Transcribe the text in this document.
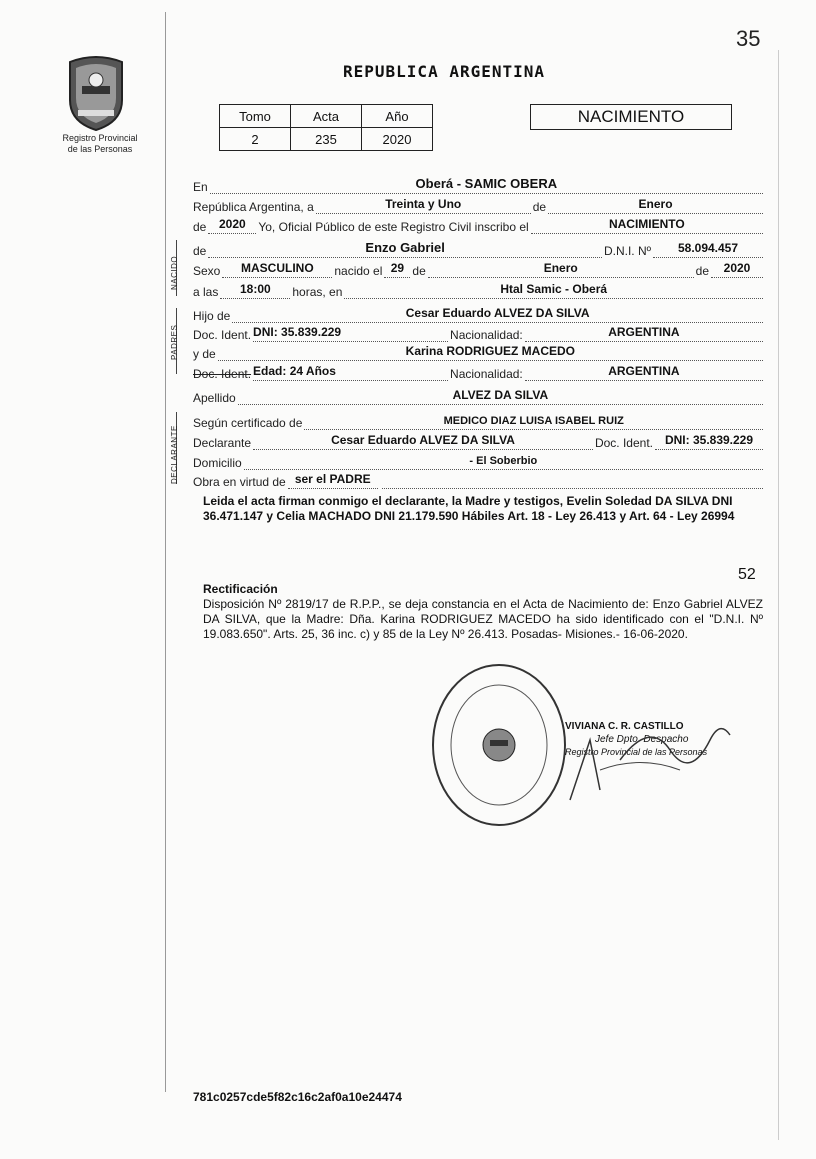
35
Registro Provincial
de las Personas
REPUBLICA ARGENTINA
Tomo	Acta	Año
2	235	2020
NACIMIENTO
En	Oberá - SAMIC OBERA
República Argentina, a	Treinta y Uno	de	Enero
de	2020	Yo, Oficial Público de este Registro Civil inscribo el	NACIMIENTO
NACIDO
de	Enzo Gabriel	D.N.I. Nº	58.094.457
Sexo	MASCULINO	nacido el 29 de	Enero	de	2020
a las	18:00	horas, en	Htal Samic - Oberá
PADRES
Hijo de	Cesar Eduardo ALVEZ DA SILVA
Doc. Ident. DNI: 35.839.229	Nacionalidad:	ARGENTINA
y de	Karina RODRIGUEZ MACEDO
Doc. Ident. Edad: 24 Años	Nacionalidad:	ARGENTINA
Apellido	ALVEZ DA SILVA
DECLARANTE
Según certificado de	MEDICO DIAZ LUISA ISABEL RUIZ
Declarante	Cesar Eduardo ALVEZ DA SILVA	Doc. Ident. DNI: 35.839.229
Domicilio	- El Soberbio
Obra en virtud de ser el PADRE
Leida el acta firman conmigo el declarante, la Madre y testigos, Evelin Soledad DA SILVA DNI 36.471.147 y Celia MACHADO DNI 21.179.590 Hábiles Art. 18 - Ley 26.413 y Art. 64 - Ley 26994
52
Rectificación
Disposición Nº 2819/17 de R.P.P., se deja constancia en el Acta de Nacimiento de: Enzo Gabriel ALVEZ DA SILVA, que la Madre: Dña. Karina RODRIGUEZ MACEDO ha sido identificado con el "D.N.I. Nº 19.083.650". Arts. 25, 36 inc. c) y 85 de la Ley Nº 26.413. Posadas- Misiones.- 16-06-2020.
VIVIANA C. R. CASTILLO
Jefe Dpto. Despacho
Registro Provincial de las Personas
781c0257cde5f82c16c2af0a10e24474
